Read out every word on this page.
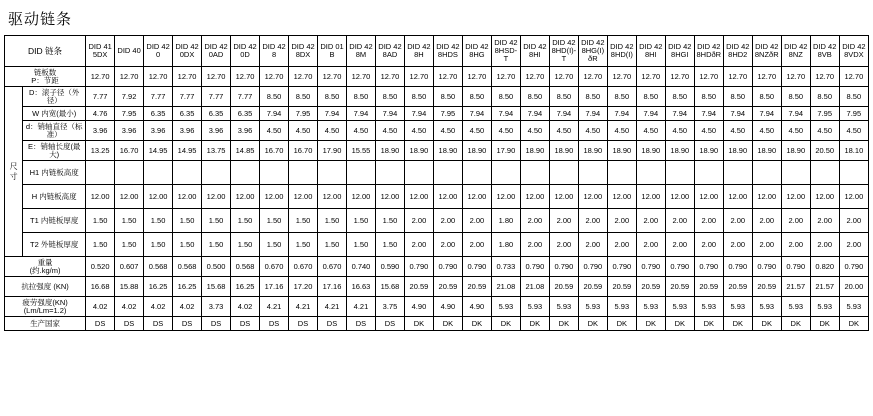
驱动链条
DID 链条		DID 415DX	DID 40	DID 420	DID 420DX	DID 420AD	DID 420D	DID 428	DID 428DX	DID 01B	DID 428M	DID 428AD	DID 428H	DID 428HDS	DID 428HG	DID 428HSD-T	DID 428HI	DID 428HD(I)-T	DID 428HG(I)ðR	DID 428HD(I)	DID 428HI	DID 428HGI	DID 428HDðR	DID 428HD2	DID 428NZðR	DID 428NZ	DID 428VB	DID 428VDX
链板数
P：节距		12.70	12.70	12.70	12.70	12.70	12.70	12.70	12.70	12.70	12.70	12.70	12.70	12.70	12.70	12.70	12.70	12.70	12.70	12.70	12.70	12.70	12.70	12.70	12.70	12.70	12.70	12.70
尺寸	D：滚子径（外径）	7.77	7.92	7.77	7.77	7.77	7.77	8.50	8.50	8.50	8.50	8.50	8.50	8.50	8.50	8.50	8.50	8.50	8.50	8.50	8.50	8.50	8.50	8.50	8.50	8.50	8.50	8.50
	W 内宽(最小)	4.76	7.95	6.35	6.35	6.35	6.35	7.94	7.95	7.94	7.94	7.94	7.94	7.95	7.94	7.94	7.94	7.94	7.94	7.94	7.94	7.94	7.94	7.94	7.94	7.94	7.95	7.95
	d：销轴直径（标准）	3.96	3.96	3.96	3.96	3.96	3.96	4.50	4.50	4.50	4.50	4.50	4.50	4.50	4.50	4.50	4.50	4.50	4.50	4.50	4.50	4.50	4.50	4.50	4.50	4.50	4.50	4.50
	E：销轴长度(最大)	13.25	16.70	14.95	14.95	13.75	14.85	16.70	16.70	17.90	15.55	18.90	18.90	18.90	18.90	17.90	18.90	18.90	18.90	18.90	18.90	18.90	18.90	18.90	18.90	18.90	20.50	18.10
	H1 内链板高度																											
	H 内链板高度	12.00	12.00	12.00	12.00	12.00	12.00	12.00	12.00	12.00	12.00	12.00	12.00	12.00	12.00	12.00	12.00	12.00	12.00	12.00	12.00	12.00	12.00	12.00	12.00	12.00	12.00	12.00
	T1 内链板厚度	1.50	1.50	1.50	1.50	1.50	1.50	1.50	1.50	1.50	1.50	1.50	2.00	2.00	2.00	1.80	2.00	2.00	2.00	2.00	2.00	2.00	2.00	2.00	2.00	2.00	2.00	2.00
	T2 外链板厚度	1.50	1.50	1.50	1.50	1.50	1.50	1.50	1.50	1.50	1.50	1.50	2.00	2.00	2.00	1.80	2.00	2.00	2.00	2.00	2.00	2.00	2.00	2.00	2.00	2.00	2.00	2.00
重量
(约.kg/m)		0.520	0.607	0.568	0.568	0.500	0.568	0.670	0.670	0.670	0.740	0.590	0.790	0.790	0.790	0.733	0.790	0.790	0.790	0.790	0.790	0.790	0.790	0.790	0.790	0.790	0.820	0.790
抗拉强度 (KN)		16.68	15.88	16.25	16.25	15.68	16.25	17.16	17.20	17.16	16.63	15.68	20.59	20.59	20.59	21.08	21.08	20.59	20.59	20.59	20.59	20.59	20.59	20.59	20.59	21.57	21.57	20.00
疲劳强度(KN)
(Lm/Lm=1.2)		4.02	4.02	4.02	4.02	3.73	4.02	4.21	4.21	4.21	4.21	3.75	4.90	4.90	4.90	5.93	5.93	5.93	5.93	5.93	5.93	5.93	5.93	5.93	5.93	5.93	5.93	5.93
生产国家		DS	DS	DS	DS	DS	DS	DS	DS	DS	DS	DS	DK	DK	DK	DK	DK	DK	DK	DK	DK	DK	DK	DK	DK	DK	DK	DK
